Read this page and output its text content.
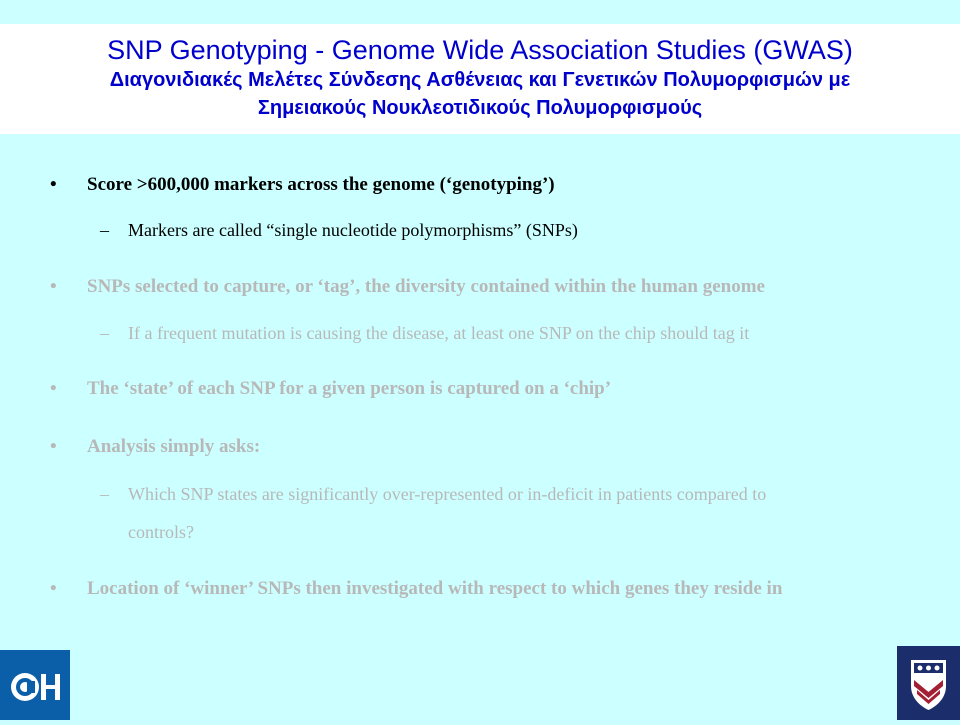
SNP Genotyping - Genome Wide Association Studies (GWAS)
Διαγονιδιακές Μελέτες Σύνδεσης Ασθένειας και Γενετικών Πολυμορφισμών με
Σημειακούς Νουκλεοτιδικούς Πολυμορφισμούς
• Score >600,000 markers across the genome (‘genotyping’)
– Markers are called “single nucleotide polymorphisms” (SNPs)
• SNPs selected to capture, or ‘tag’, the diversity contained within the human genome
– If a frequent mutation is causing the disease, at least one SNP on the chip should tag it
• The ‘state’ of each SNP for a given person is captured on a ‘chip’
• Analysis simply asks:
– Which SNP states are significantly over-represented or in-deficit in patients compared to
controls?
• Location of ‘winner’ SNPs then investigated with respect to which genes they reside in
